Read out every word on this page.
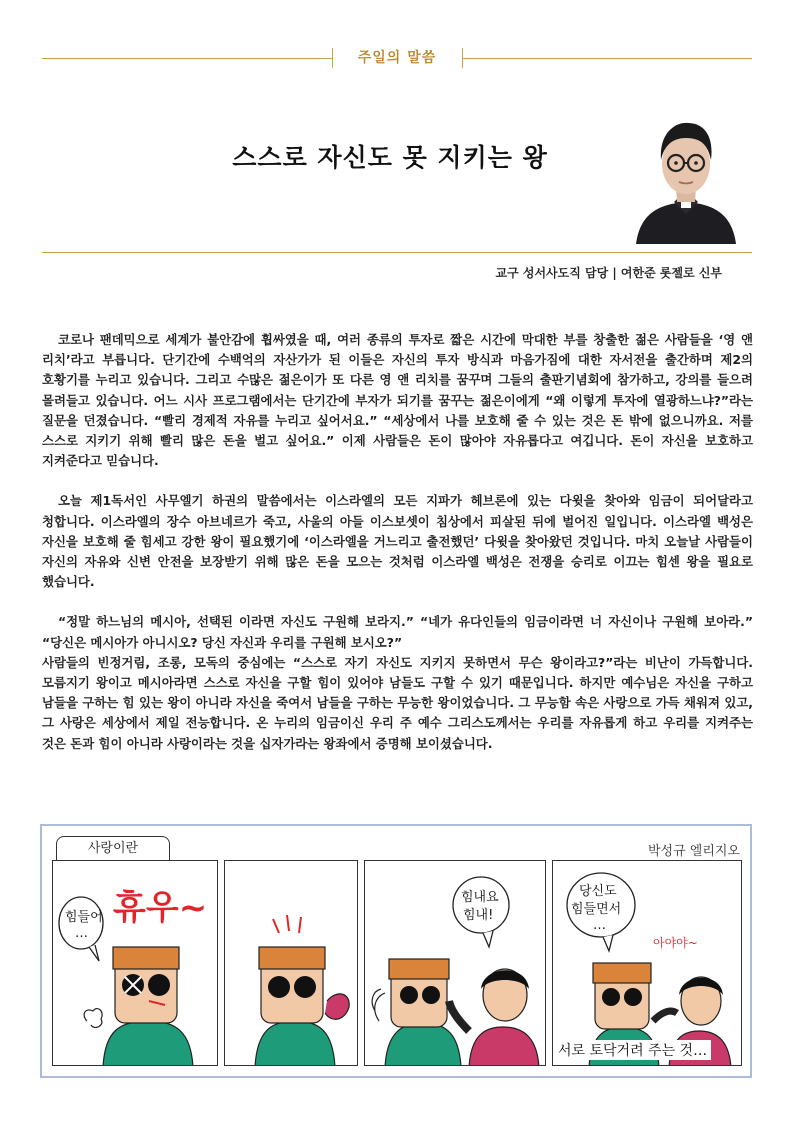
주일의 말씀
스스로 자신도 못 지키는 왕
교구 성서사도직 담당 | 여한준 롯젤로 신부

코로나 팬데믹으로 세계가 불안감에 휩싸였을 때, 여러 종류의 투자로 짧은 시간에 막대한 부를 창출한 젊은 사람들을 ‘영 앤 리치’라고 부릅니다. 단기간에 수백억의 자산가가 된 이들은 자신의 투자 방식과 마음가짐에 대한 자서전을 출간하며 제2의 호황기를 누리고 있습니다. 그리고 수많은 젊은이가 또 다른 영 앤 리치를 꿈꾸며 그들의 출판기념회에 참가하고, 강의를 들으려 몰려들고 있습니다. 어느 시사 프로그램에서는 단기간에 부자가 되기를 꿈꾸는 젊은이에게 “왜 이렇게 투자에 열광하느냐?”라는 질문을 던졌습니다. “빨리 경제적 자유를 누리고 싶어서요.” “세상에서 나를 보호해 줄 수 있는 것은 돈 밖에 없으니까요. 저를 스스로 지키기 위해 빨리 많은 돈을 벌고 싶어요.” 이제 사람들은 돈이 많아야 자유롭다고 여깁니다. 돈이 자신을 보호하고 지켜준다고 믿습니다.

오늘 제1독서인 사무엘기 하권의 말씀에서는 이스라엘의 모든 지파가 헤브론에 있는 다윗을 찾아와 임금이 되어달라고 청합니다. 이스라엘의 장수 아브네르가 죽고, 사울의 아들 이스보셋이 침상에서 피살된 뒤에 벌어진 일입니다. 이스라엘 백성은 자신을 보호해 줄 힘세고 강한 왕이 필요했기에 ‘이스라엘을 거느리고 출전했던’ 다윗을 찾아왔던 것입니다. 마치 오늘날 사람들이 자신의 자유와 신변 안전을 보장받기 위해 많은 돈을 모으는 것처럼 이스라엘 백성은 전쟁을 승리로 이끄는 힘센 왕을 필요로 했습니다.

“정말 하느님의 메시아, 선택된 이라면 자신도 구원해 보라지.” “네가 유다인들의 임금이라면 너 자신이나 구원해 보아라.” “당신은 메시아가 아니시오? 당신 자신과 우리를 구원해 보시오?”

사람들의 빈정거림, 조롱, 모독의 중심에는 “스스로 자기 자신도 지키지 못하면서 무슨 왕이라고?”라는 비난이 가득합니다. 모름지기 왕이고 메시아라면 스스로 자신을 구할 힘이 있어야 남들도 구할 수 있기 때문입니다. 하지만 예수님은 자신을 구하고 남들을 구하는 힘 있는 왕이 아니라 자신을 죽여서 남들을 구하는 무능한 왕이었습니다. 그 무능함 속은 사랑으로 가득 채워져 있고, 그 사랑은 세상에서 제일 전능합니다. 온 누리의 임금이신 우리 주 예수 그리스도께서는 우리를 자유롭게 하고 우리를 지켜주는 것은 돈과 힘이 아니라 사랑이라는 것을 십자가라는 왕좌에서 증명해 보이셨습니다.

사랑이란	박성규 엘리지오
힘들어
…
휴우~	힘내요
힘내!
당신도
힘들면서
…
아야야~
서로 토닥거려 주는 것…
